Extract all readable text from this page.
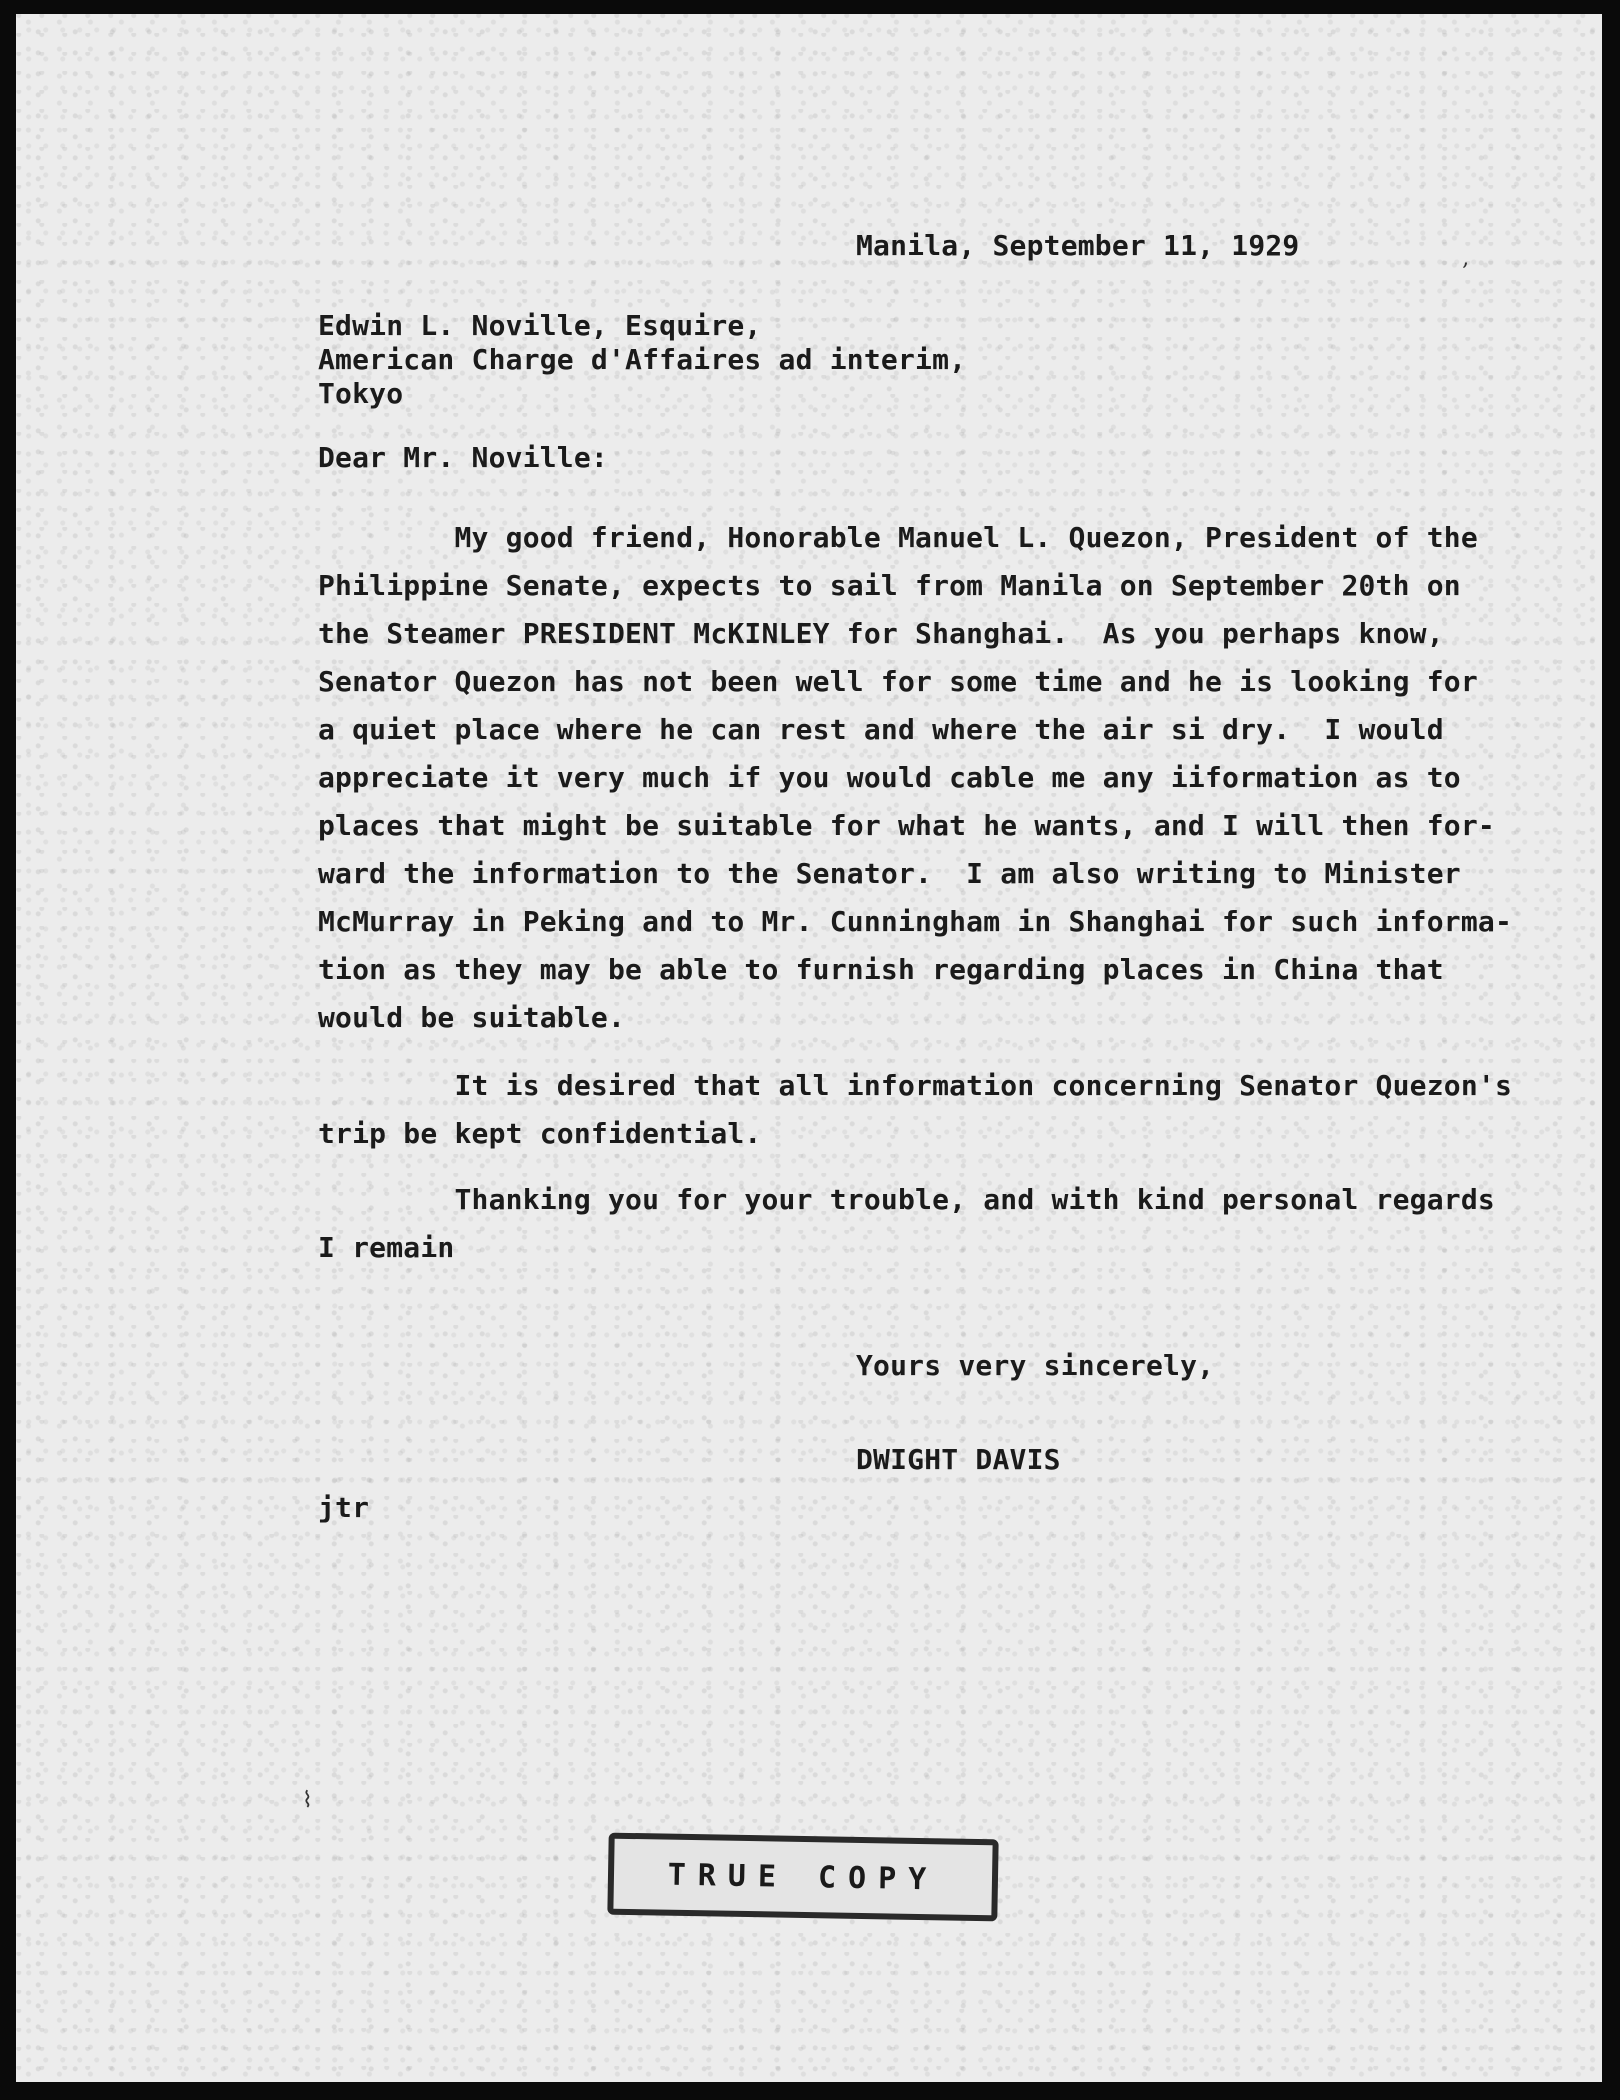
Manila, September 11, 1929
Edwin L. Noville, Esquire,
American Charge d'Affaires ad interim,
Tokyo
Dear Mr. Noville:
My good friend, Honorable Manuel L. Quezon, President of the
Philippine Senate, expects to sail from Manila on September 20th on
the Steamer PRESIDENT McKINLEY for Shanghai.  As you perhaps know,
Senator Quezon has not been well for some time and he is looking for
a quiet place where he can rest and where the air si dry.  I would
appreciate it very much if you would cable me any iiformation as to
places that might be suitable for what he wants, and I will then for-
ward the information to the Senator.  I am also writing to Minister
McMurray in Peking and to Mr. Cunningham in Shanghai for such informa-
tion as they may be able to furnish regarding places in China that
would be suitable.
It is desired that all information concerning Senator Quezon's
trip be kept confidential.
Thanking you for your trouble, and with kind personal regards
I remain
Yours very sincerely,
DWIGHT DAVIS
jtr
TRUE COPY
⌇
‚
